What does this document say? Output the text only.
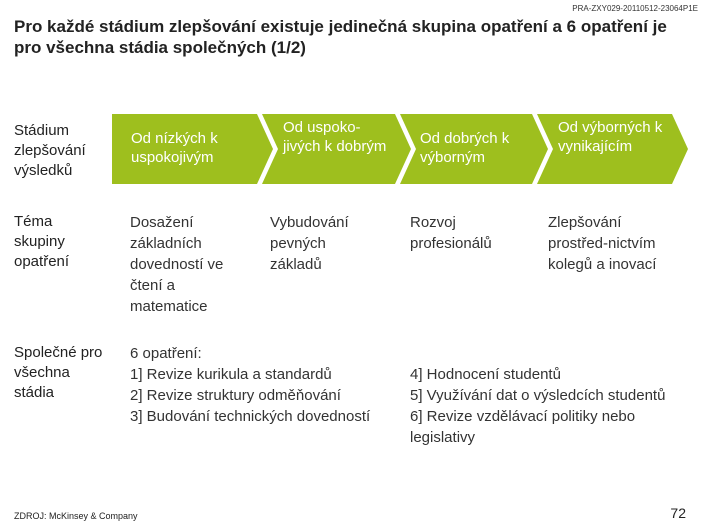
PRA-ZXY029-20110512-23064P1E
Pro každé stádium zlepšování existuje jedinečná skupina opatření a 6 opatření je pro všechna stádia společných (1/2)
Stádium zlepšování výsledků
Téma skupiny opatření
Společné pro všechna stádia
Od nízkých k uspokojivým
Od uspoko-jivých k dobrým Od dobrých k výborným
Od výborných k vynikajícím
Dosažení základních dovedností ve čtení a matematice
Vybudování pevných základů
Rozvoj profesionálů
Zlepšování prostřed-nictvím kolegů a inovací
6 opatření:
1] Revize kurikula a standardů
2] Revize struktury odměňování
3] Budování technických dovedností
4] Hodnocení studentů
5] Využívání dat o výsledcích studentů
6] Revize vzdělávací politiky nebo legislativy
ZDROJ: McKinsey & Company	72
